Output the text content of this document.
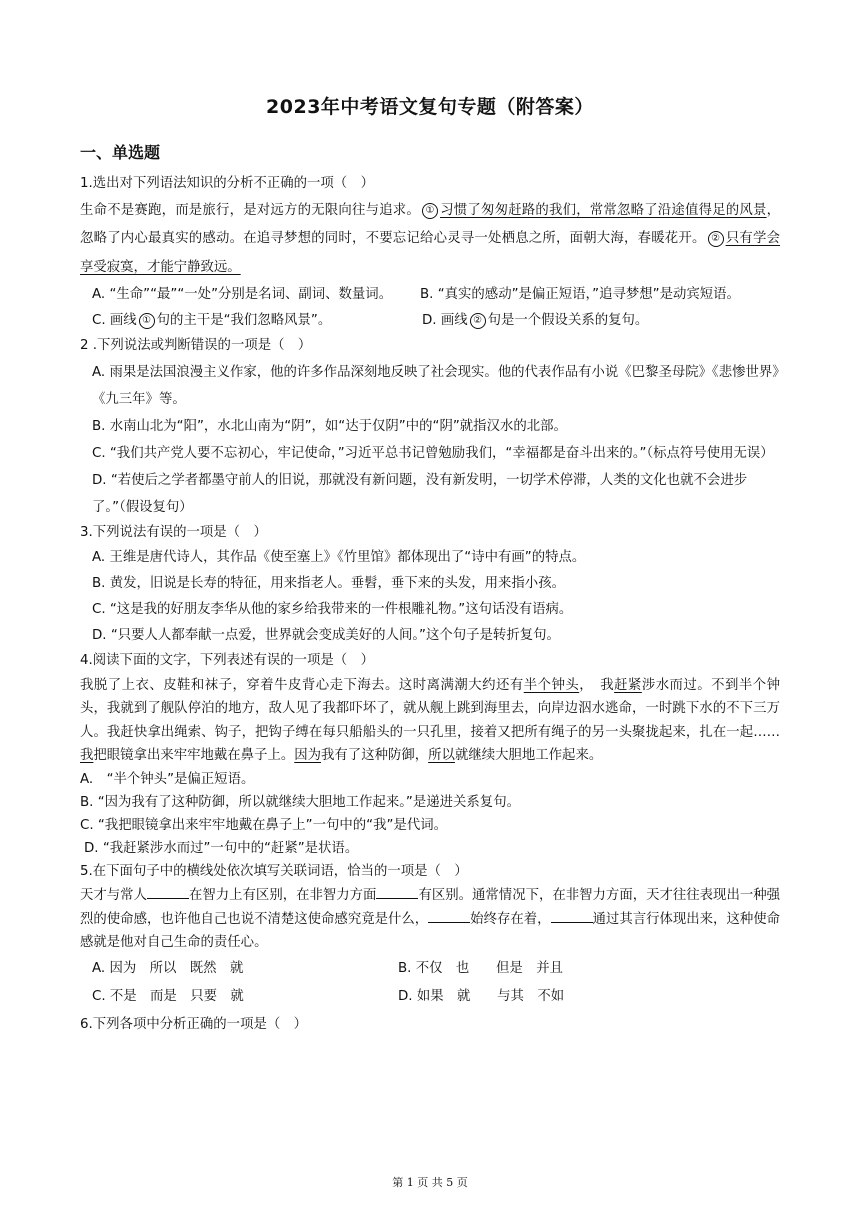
2023年中考语文复句专题（附答案）
一、单选题

1.选出对下列语法知识的分析不正确的一项（　）

生命不是赛跑，而是旅行，是对远方的无限向往与追求。 ① 习惯了匆匆赶路的我们，常常忽略了沿途值得足的风景，忽略了内心最真实的感动。在追寻梦想的同时，不要忘记给心灵寻一处栖息之所，面朝大海，春暖花开。 ② 只有学会享受寂寞，才能宁静致远。

A. “生命”“最”“一处”分别是名词、副词、数量词。	B. “真实的感动”是偏正短语，”追寻梦想”是动宾短语。
C. 画线 ① 句的主干是“我们忽略风景”。	D. 画线 ② 句是一个假设关系的复句。

2 .下列说法或判断错误的一项是（　）

A. 雨果是法国浪漫主义作家，他的许多作品深刻地反映了社会现实。他的代表作品有小说《巴黎圣母院》《悲惨世界》《九三年》等。

B. 水南山北为“阳”，水北山南为“阴”，如“达于仅阴”中的“阴”就指汉水的北部。

C. “我们共产党人要不忘初心，牢记使命，”习近平总书记曾勉励我们，“幸福都是奋斗出来的。”（标点符号使用无误）

D. “若使后之学者都墨守前人的旧说，那就没有新问题，没有新发明，一切学术停滞，人类的文化也就不会进步了。”（假设复句）

3.下列说法有误的一项是（　）

A. 王维是唐代诗人，其作品《使至塞上》《竹里馆》都体现出了“诗中有画”的特点。

B. 黄发，旧说是长寿的特征，用来指老人。垂髫，垂下来的头发，用来指小孩。

C. “这是我的好朋友李华从他的家乡给我带来的一件根雕礼物。”这句话没有语病。

D. “只要人人都奉献一点爱，世界就会变成美好的人间。”这个句子是转折复句。

4.阅读下面的文字，下列表述有误的一项是（　）

我脱了上衣、皮鞋和袜子，穿着牛皮背心走下海去。这时离满潮大约还有半个钟头，　我赶紧涉水而过。不到半个钟头，我就到了舰队停泊的地方，敌人见了我都吓坏了，就从舰上跳到海里去，向岸边泅水逃命，一时跳下水的不下三万人。我赶快拿出绳索、钩子，把钩子缚在每只船船头的一只孔里，接着又把所有绳子的另一头聚拢起来，扎在一起……我把眼镜拿出来牢牢地戴在鼻子上。因为我有了这种防御，所以就继续大胆地工作起来。

A.　“半个钟头”是偏正短语。

B. “因为我有了这种防御，所以就继续大胆地工作起来。”是递进关系复句。

C. “我把眼镜拿出来牢牢地戴在鼻子上”一句中的“我”是代词。

D. “我赶紧涉水而过”一句中的“赶紧”是状语。

5.在下面句子中的横线处依次填写关联词语，恰当的一项是（　）

天才与常人	在智力上有区别，在非智力方面	有区别。通常情况下，在非智力方面，天才往往表现出一种强烈的使命感，也许他自己也说不清楚这使命感究竟是什么，	始终存在着，	通过其言行体现出来，这种使命感就是他对自己生命的责任心。

A. 因为　所以　既然　就	B. 不仅　也　　但是　并且
C. 不是　而是　只要　就	D. 如果　就　　与其　不如

6.下列各项中分析正确的一项是（　）

第 1 页 共 5 页
